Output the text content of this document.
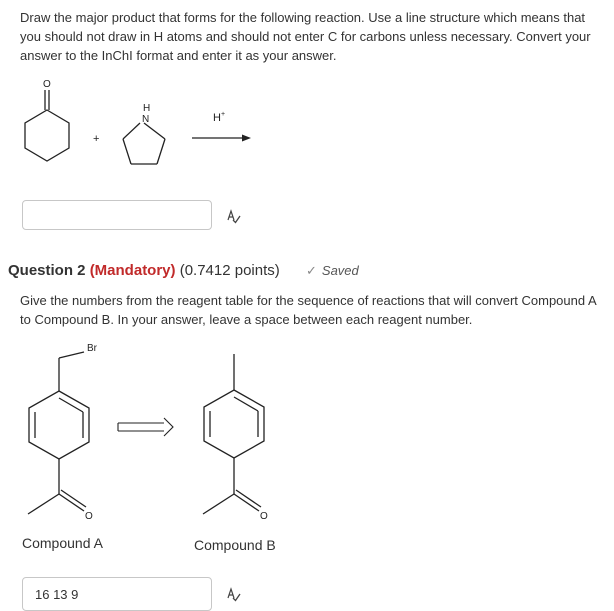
Draw the major product that forms for the following reaction. Use a line structure which means that you should not draw in H atoms and should not enter C for carbons unless necessary. Convert your answer to the InChI format and enter it as your answer.
O
+
H
N	H+
Question 2 (Mandatory) (0.7412 points) ✓ Saved
Give the numbers from the reagent table for the sequence of reactions that will convert Compound A to Compound B. In your answer, leave a space between each reagent number.
Br
O	O
Compound A	Compound B
16 13 9
